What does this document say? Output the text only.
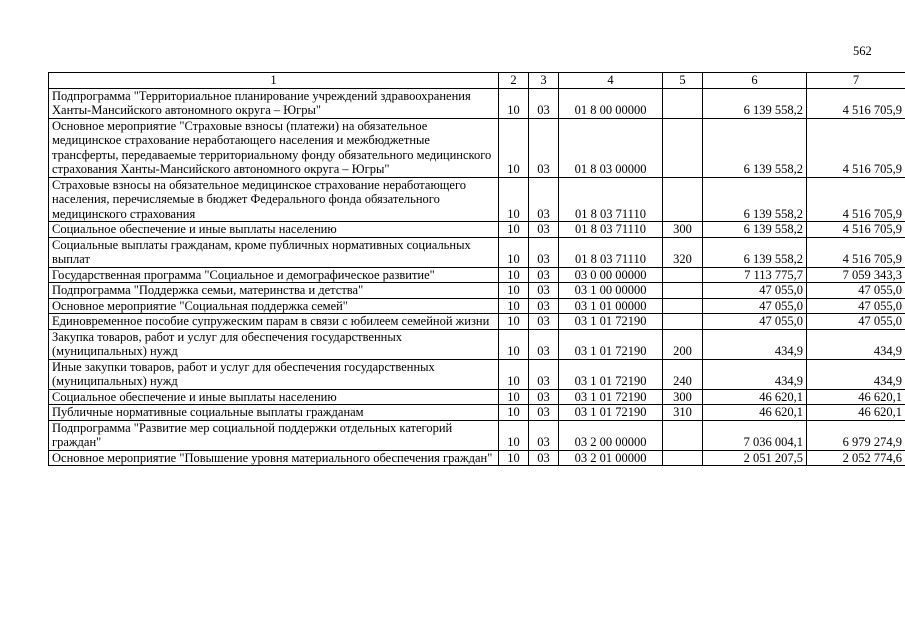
562
1	2	3	4	5	6	7
Подпрограмма "Территориальное планирование учреждений здравоохранения Ханты-Мансийского автономного округа – Югры"	10	03	01 8 00 00000		6 139 558,2	4 516 705,9
Основное мероприятие "Страховые взносы (платежи) на обязательное медицинское страхование неработающего населения и межбюджетные трансферты, передаваемые территориальному фонду обязательного медицинского страхования Ханты-Мансийского автономного округа – Югры"	10	03	01 8 03 00000		6 139 558,2	4 516 705,9
Страховые взносы на обязательное медицинское страхование неработающего населения, перечисляемые в бюджет Федерального фонда обязательного медицинского страхования	10	03	01 8 03 71110		6 139 558,2	4 516 705,9
Социальное обеспечение и иные выплаты населению	10	03	01 8 03 71110	300	6 139 558,2	4 516 705,9
Социальные выплаты гражданам, кроме публичных нормативных социальных выплат	10	03	01 8 03 71110	320	6 139 558,2	4 516 705,9
Государственная программа "Социальное и демографическое развитие"	10	03	03 0 00 00000		7 113 775,7	7 059 343,3
Подпрограмма "Поддержка семьи, материнства и детства"	10	03	03 1 00 00000		47 055,0	47 055,0
Основное мероприятие "Социальная поддержка семей"	10	03	03 1 01 00000		47 055,0	47 055,0
Единовременное пособие супружеским парам в связи с юбилеем семейной жизни	10	03	03 1 01 72190		47 055,0	47 055,0
Закупка товаров, работ и услуг для обеспечения государственных (муниципальных) нужд	10	03	03 1 01 72190	200	434,9	434,9
Иные закупки товаров, работ и услуг для обеспечения государственных (муниципальных) нужд	10	03	03 1 01 72190	240	434,9	434,9
Социальное обеспечение и иные выплаты населению	10	03	03 1 01 72190	300	46 620,1	46 620,1
Публичные нормативные социальные выплаты гражданам	10	03	03 1 01 72190	310	46 620,1	46 620,1
Подпрограмма "Развитие мер социальной поддержки отдельных категорий граждан"	10	03	03 2 00 00000		7 036 004,1	6 979 274,9
Основное мероприятие "Повышение уровня материального обеспечения граждан"	10	03	03 2 01 00000		2 051 207,5	2 052 774,6
